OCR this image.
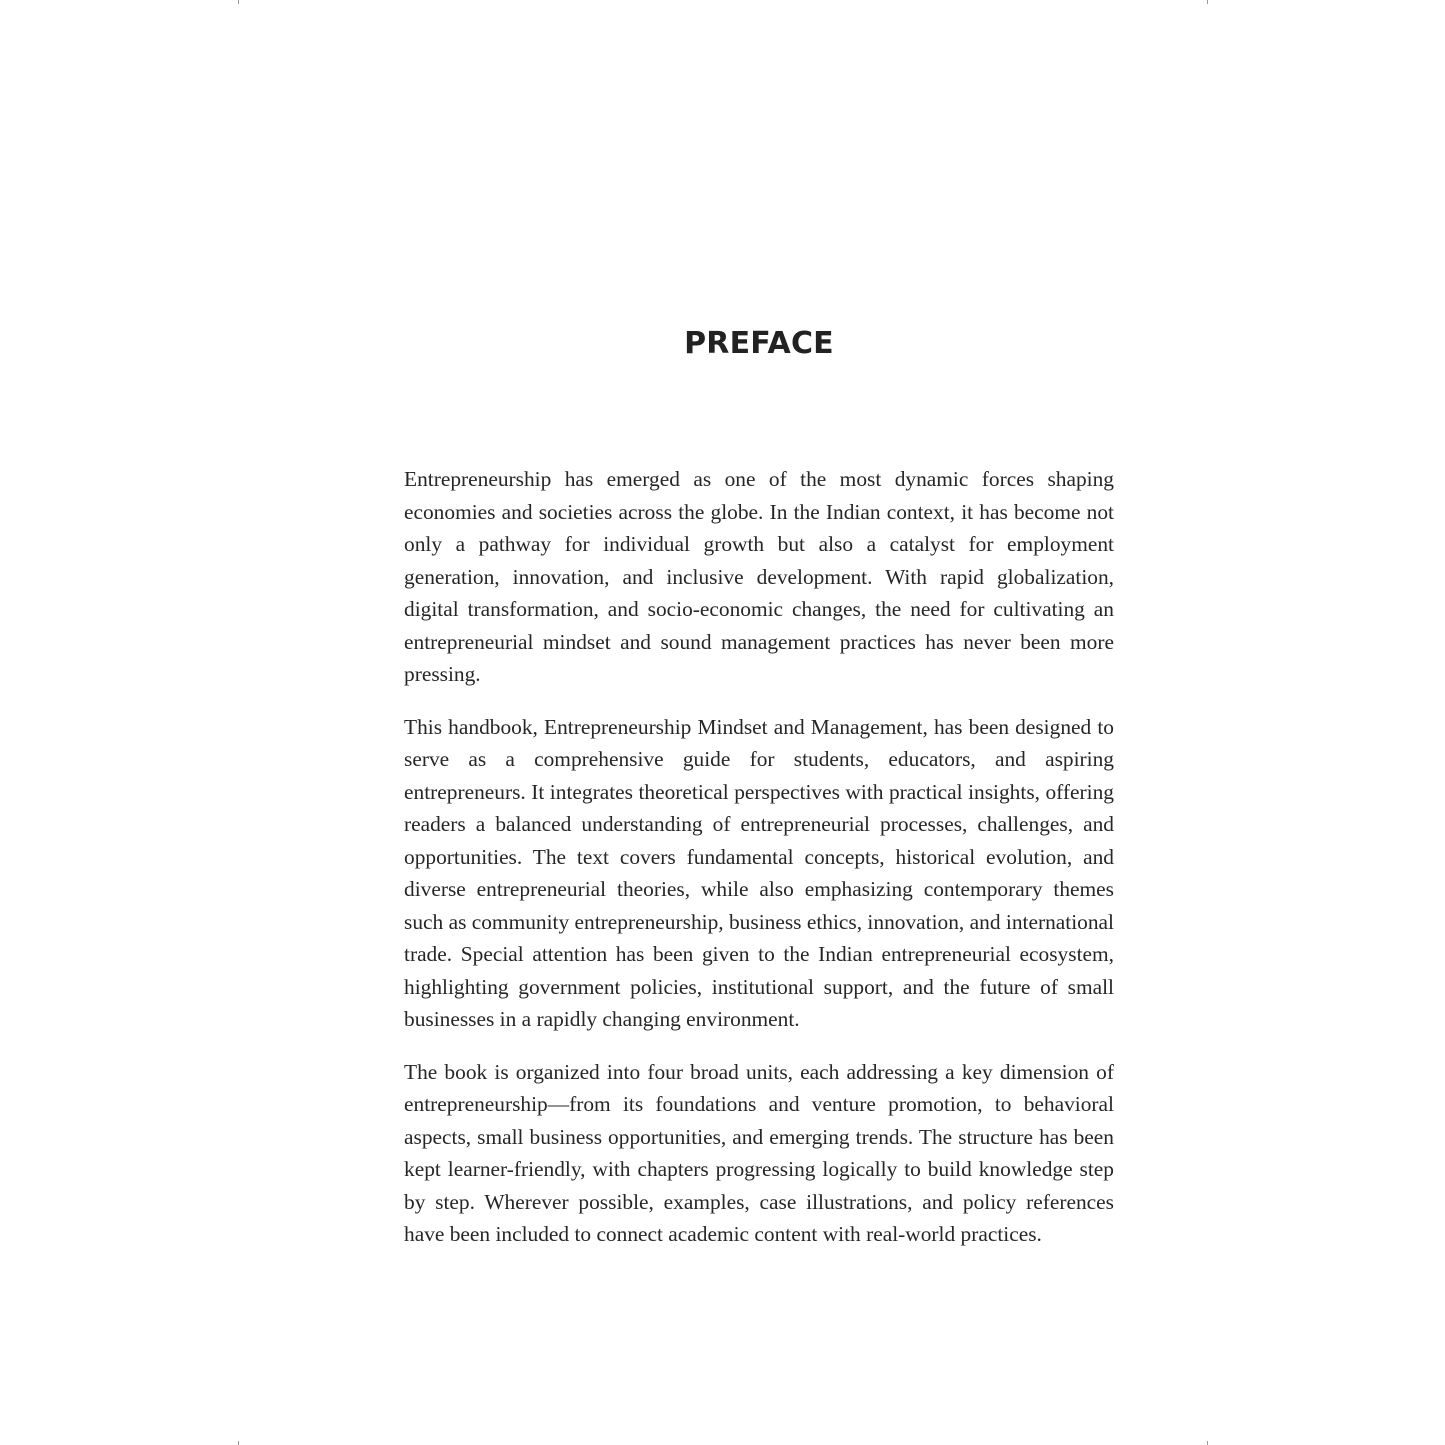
PREFACE

Entrepreneurship has emerged as one of the most dynamic forces shaping economies and societies across the globe. In the Indian context, it has become not only a pathway for individual growth but also a catalyst for employment generation, innovation, and inclusive development. With rapid globalization, digital transformation, and socio-economic changes, the need for cultivating an entrepreneurial mindset and sound management practices has never been more pressing.

This handbook, Entrepreneurship Mindset and Management, has been designed to serve as a comprehensive guide for students, educators, and aspiring entrepreneurs. It integrates theoretical perspectives with practical insights, offering readers a balanced understanding of entrepreneurial processes, challenges, and opportunities. The text covers fundamental concepts, historical evolution, and diverse entrepreneurial theories, while also emphasizing contemporary themes such as community entrepreneurship, business ethics, innovation, and international trade. Special attention has been given to the Indian entrepreneurial ecosystem, highlighting government policies, institutional support, and the future of small businesses in a rapidly changing environment.

The book is organized into four broad units, each addressing a key dimension of entrepreneurship—from its foundations and venture promotion, to behavioral aspects, small business opportunities, and emerging trends. The structure has been kept learner-friendly, with chapters progressing logically to build knowledge step by step. Wherever possible, examples, case illustrations, and policy references have been included to connect academic content with real-world practices.
